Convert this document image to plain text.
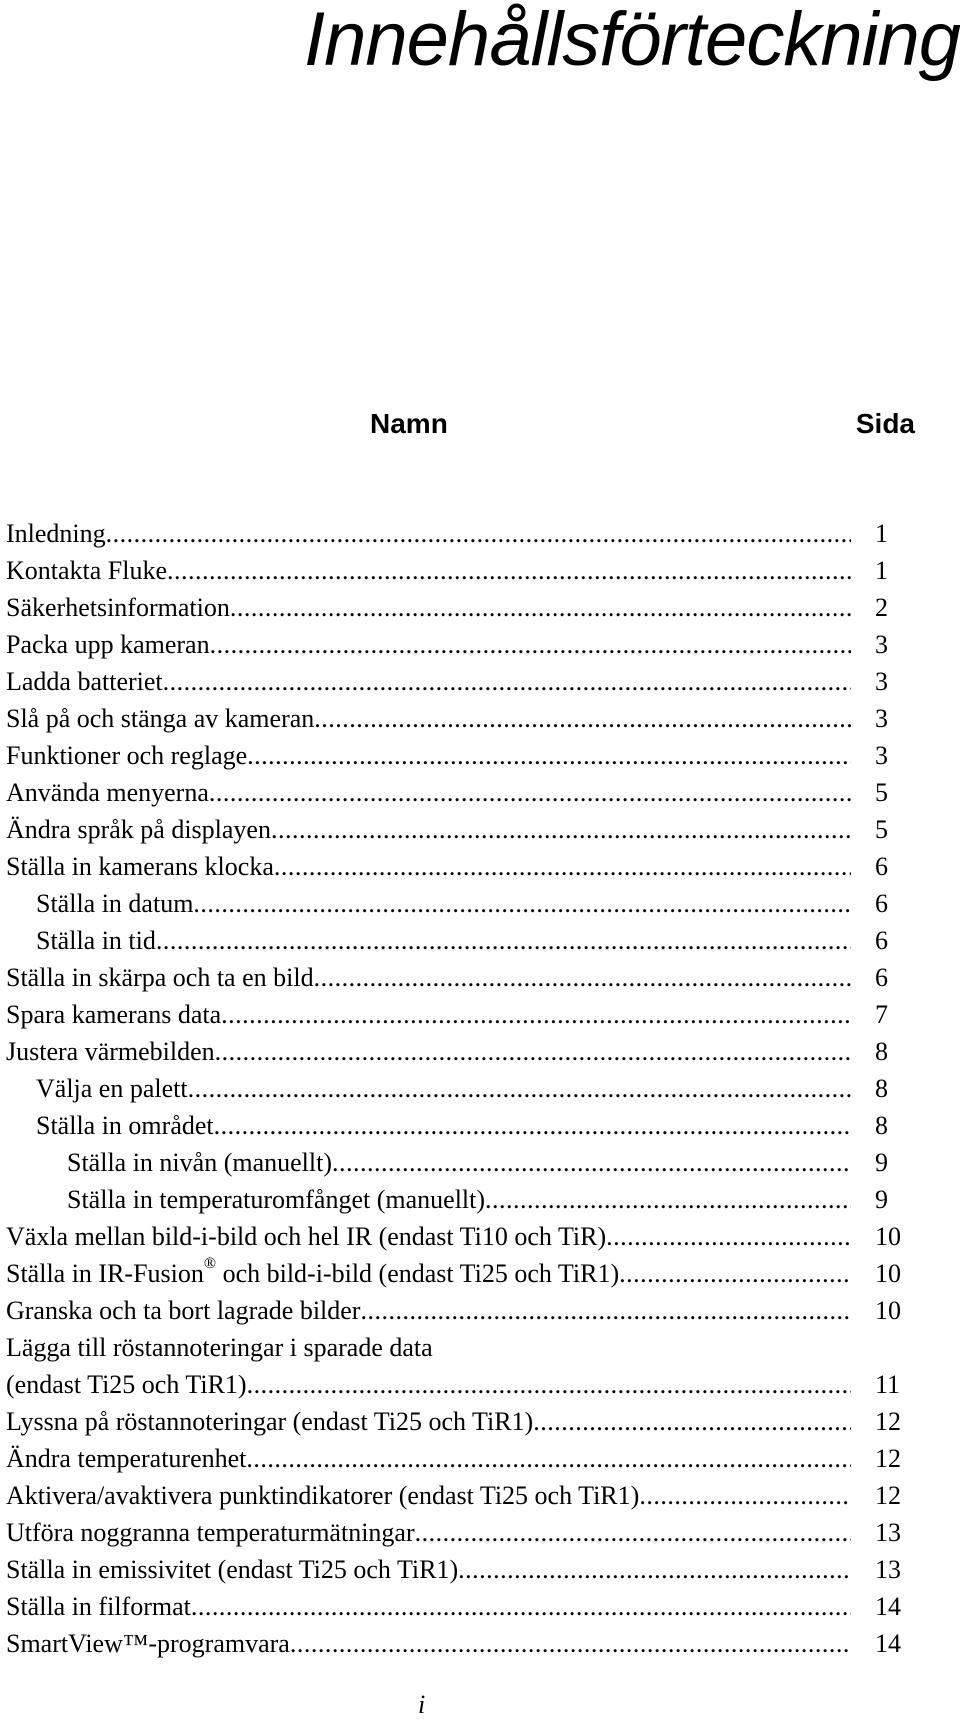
Innehållsförteckning
Namn	Sida
Inledning .....	1
Kontakta Fluke .....	1
Säkerhetsinformation .....	2
Packa upp kameran .....	3
Ladda batteriet .....	3
Slå på och stänga av kameran .....	3
Funktioner och reglage .....	3
Använda menyerna .....	5
Ändra språk på displayen .....	5
Ställa in kamerans klocka .....	6
Ställa in datum .....	6
Ställa in tid .....	6
Ställa in skärpa och ta en bild .....	6
Spara kamerans data .....	7
Justera värmebilden .....	8
Välja en palett .....	8
Ställa in området .....	8
Ställa in nivån (manuellt) .....	9
Ställa in temperaturomfånget (manuellt) .....	9
Växla mellan bild-i-bild och hel IR (endast Ti10 och TiR) .....	10
Ställa in IR-Fusion® och bild-i-bild (endast Ti25 och TiR1) .....	10
Granska och ta bort lagrade bilder .....	10
Lägga till röstannoteringar i sparade data
(endast Ti25 och TiR1) .....	11
Lyssna på röstannoteringar (endast Ti25 och TiR1) .....	12
Ändra temperaturenhet .....	12
Aktivera/avaktivera punktindikatorer (endast Ti25 och TiR1) .....	12
Utföra noggranna temperaturmätningar .....	13
Ställa in emissivitet (endast Ti25 och TiR1) .....	13
Ställa in filformat .....	14
SmartView™-programvara .....	14
i
